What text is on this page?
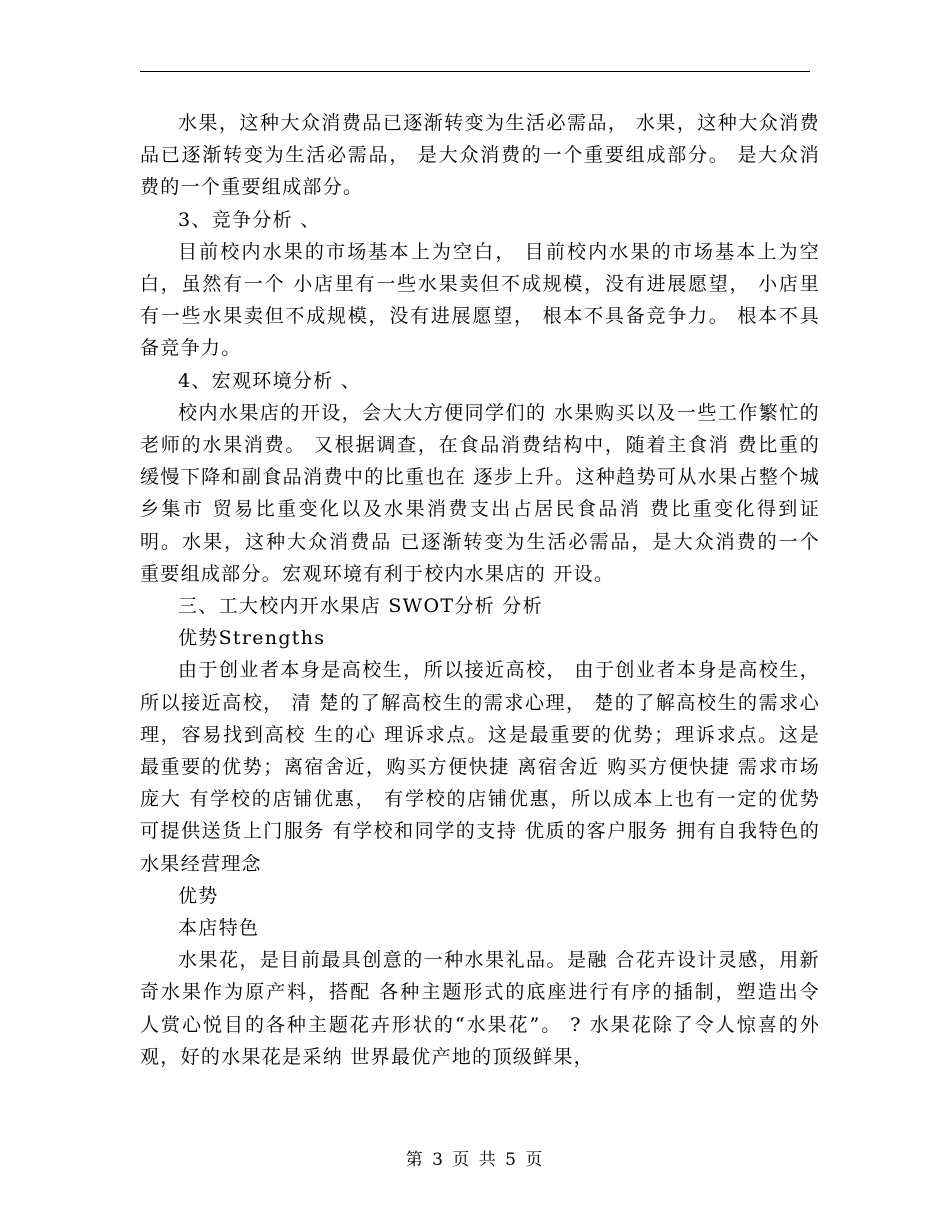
水果，这种大众消费品已逐渐转变为生活必需品， 水果，这种大众消费品已逐渐转变为生活必需品， 是大众消费的一个重要组成部分。 是大众消费的一个重要组成部分。

3、竞争分析 、

目前校内水果的市场基本上为空白， 目前校内水果的市场基本上为空白，虽然有一个 小店里有一些水果卖但不成规模，没有进展愿望， 小店里有一些水果卖但不成规模，没有进展愿望， 根本不具备竞争力。 根本不具备竞争力。

4、宏观环境分析 、

校内水果店的开设，会大大方便同学们的 水果购买以及一些工作繁忙的老师的水果消费。 又根据调查，在食品消费结构中，随着主食消 费比重的缓慢下降和副食品消费中的比重也在 逐步上升。这种趋势可从水果占整个城乡集市 贸易比重变化以及水果消费支出占居民食品消 费比重变化得到证明。水果，这种大众消费品 已逐渐转变为生活必需品，是大众消费的一个 重要组成部分。宏观环境有利于校内水果店的 开设。

三、工大校内开水果店 SWOT分析 分析

优势Strengths

由于创业者本身是高校生，所以接近高校， 由于创业者本身是高校生，所以接近高校， 清 楚的了解高校生的需求心理， 楚的了解高校生的需求心理，容易找到高校 生的心 理诉求点。这是最重要的优势；理诉求点。这是最重要的优势；离宿舍近，购买方便快捷 离宿舍近 购买方便快捷 需求市场庞大 有学校的店铺优惠， 有学校的店铺优惠，所以成本上也有一定的优势 可提供送货上门服务 有学校和同学的支持 优质的客户服务 拥有自我特色的水果经营理念

优势

本店特色

水果花，是目前最具创意的一种水果礼品。是融 合花卉设计灵感，用新奇水果作为原产料，搭配 各种主题形式的底座进行有序的插制，塑造出令 人赏心悦目的各种主题花卉形状的“水果花”。 ? 水果花除了令人惊喜的外观，好的水果花是采纳 世界最优产地的顶级鲜果，

第 3 页 共 5 页
